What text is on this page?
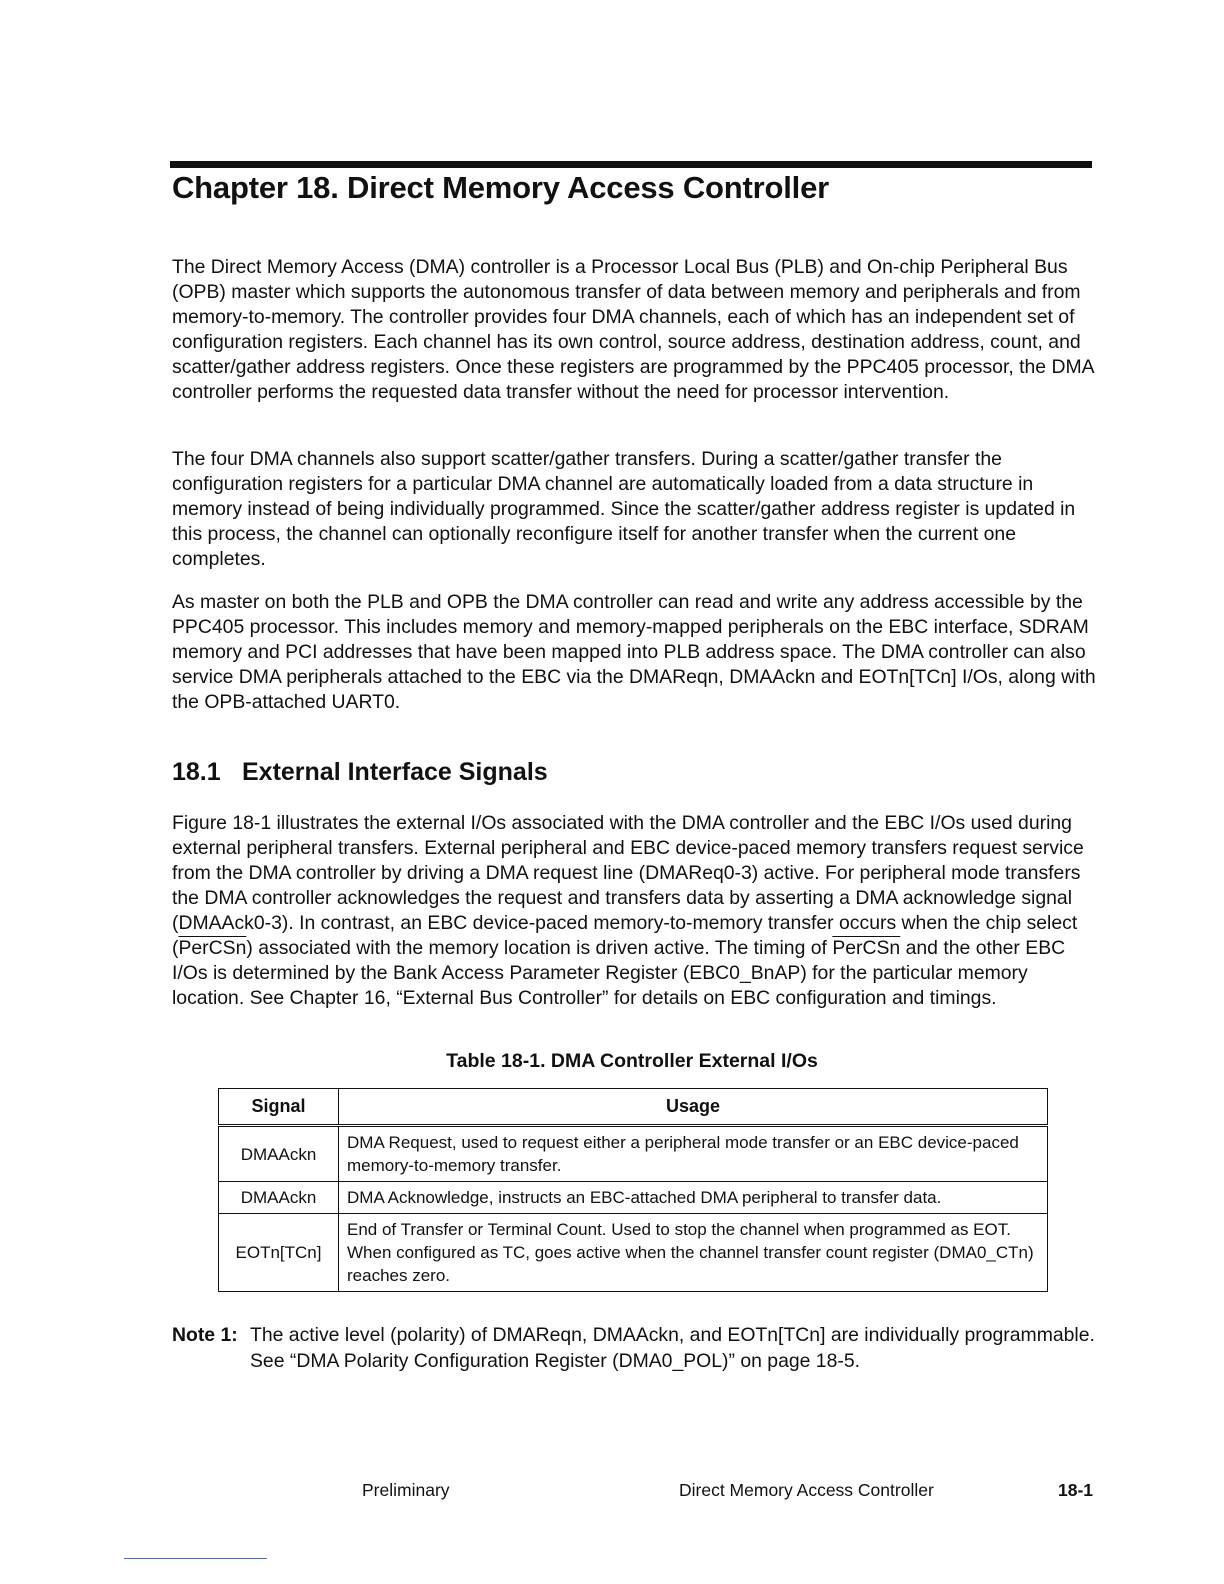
Chapter 18. Direct Memory Access Controller

The Direct Memory Access (DMA) controller is a Processor Local Bus (PLB) and On-chip Peripheral Bus (OPB) master which supports the autonomous transfer of data between memory and peripherals and from memory-to-memory. The controller provides four DMA channels, each of which has an independent set of configuration registers. Each channel has its own control, source address, destination address, count, and scatter/gather address registers. Once these registers are programmed by the PPC405 processor, the DMA controller performs the requested data transfer without the need for processor intervention.

The four DMA channels also support scatter/gather transfers. During a scatter/gather transfer the configuration registers for a particular DMA channel are automatically loaded from a data structure in memory instead of being individually programmed. Since the scatter/gather address register is updated in this process, the channel can optionally reconfigure itself for another transfer when the current one completes.

As master on both the PLB and OPB the DMA controller can read and write any address accessible by the PPC405 processor. This includes memory and memory-mapped peripherals on the EBC interface, SDRAM memory and PCI addresses that have been mapped into PLB address space. The DMA controller can also service DMA peripherals attached to the EBC via the DMAReqn, DMAAckn and EOTn[TCn] I/Os, along with the OPB-attached UART0.

18.1 External Interface Signals

Figure 18-1 illustrates the external I/Os associated with the DMA controller and the EBC I/Os used during external peripheral transfers. External peripheral and EBC device-paced memory transfers request service from the DMA controller by driving a DMA request line (DMAReq0-3) active. For peripheral mode transfers the DMA controller acknowledges the request and transfers data by asserting a DMA acknowledge signal (DMAAck0-3). In contrast, an EBC device-paced memory-to-memory transfer occurs when the chip select (PerCSn) associated with the memory location is driven active. The timing of PerCSn and the other EBC I/Os is determined by the Bank Access Parameter Register (EBC0_BnAP) for the particular memory location. See Chapter 16, “External Bus Controller” for details on EBC configuration and timings.

Table 18-1. DMA Controller External I/Os
Signal	Usage
DMAAckn	DMA Request, used to request either a peripheral mode transfer or an EBC device-paced memory-to-memory transfer.
DMAAckn	DMA Acknowledge, instructs an EBC-attached DMA peripheral to transfer data.
EOTn[TCn]	End of Transfer or Terminal Count. Used to stop the channel when programmed as EOT. When configured as TC, goes active when the channel transfer count register (DMA0_CTn) reaches zero.
Note 1: The active level (polarity) of DMAReqn, DMAAckn, and EOTn[TCn] are individually programmable. See “DMA Polarity Configuration Register (DMA0_POL)” on page 18-5.
Preliminary	Direct Memory Access Controller	18-1
